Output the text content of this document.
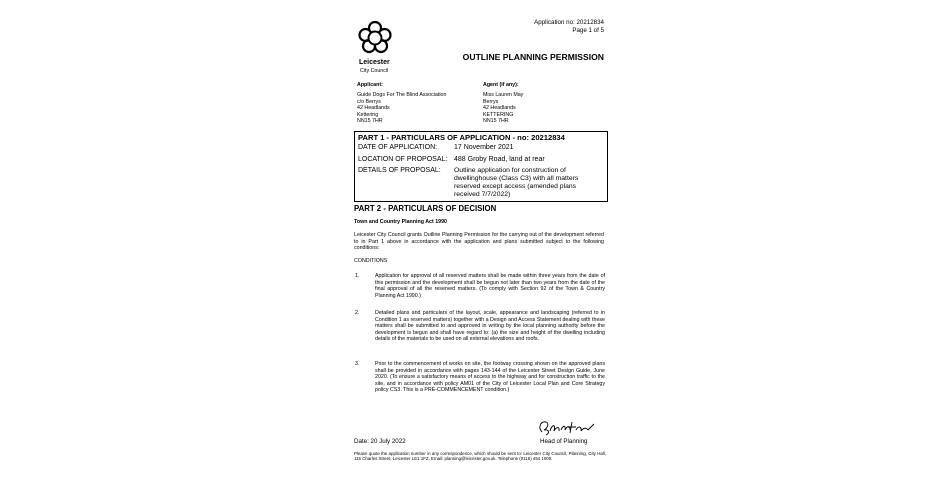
Leicester
City Council
Application no: 20212834
Page 1 of 5
OUTLINE PLANNING PERMISSION
Applicant:
Guide Dogs For The Blind Association
c/o Berrys
42 Headlands
Kettering
NN15 7HR
Agent (if any):
Miss Lauren May
Berrys
42 Headlands
KETTERING
NN15 7HR
PART 1 - PARTICULARS OF APPLICATION - no: 20212834
DATE OF APPLICATION: 17 November 2021
LOCATION OF PROPOSAL: 488 Groby Road, land at rear
DETAILS OF PROPOSAL: Outline application for construction of
dwellinghouse (Class C3) with all matters
reserved except access (amended plans
received 7/7/2022)
PART 2 - PARTICULARS OF DECISION
Town and Country Planning Act 1990
Leicester City Council grants Outline Planning Permission for the carrying out of the development referred to in Part 1 above in accordance with the application and plans submitted subject to the following conditions:
CONDITIONS
1.	Application for approval of all reserved matters shall be made within three years from the date of this permission and the development shall be begun not later than two years from the date of the final approval of all the reserved matters. (To comply with Section 92 of the Town & Country Planning Act 1990.)
2.	Detailed plans and particulars of the layout, scale, appearance and landscaping (referred to in Condition 1 as reserved matters) together with a Design and Access Statement dealing with these matters shall be submitted to and approved in writing by the local planning authority before the development is begun and shall have regard to: (a) the size and height of the dwelling including details of the materials to be used on all external elevations and roofs.
3.	Prior to the commencement of works on site, the footway crossing shown on the approved plans shall be provided in accordance with pages 143-144 of the Leicester Street Design Guide, June 2020. (To ensure a satisfactory means of access to the highway and for construction traffic to the site, and in accordance with policy AM01 of the City of Leicester Local Plan and Core Strategy policy CS3. This is a PRE-COMMENCEMENT condition.)
Date: 20 July 2022	Head of Planning
Please quote the application number in any correspondence, which should be sent to: Leicester City Council, Planning, City Hall, 115 Charles Street, Leicester LE1 1FZ. Email: planning@leicester.gov.uk. Telephone (0116) 454 1000.
